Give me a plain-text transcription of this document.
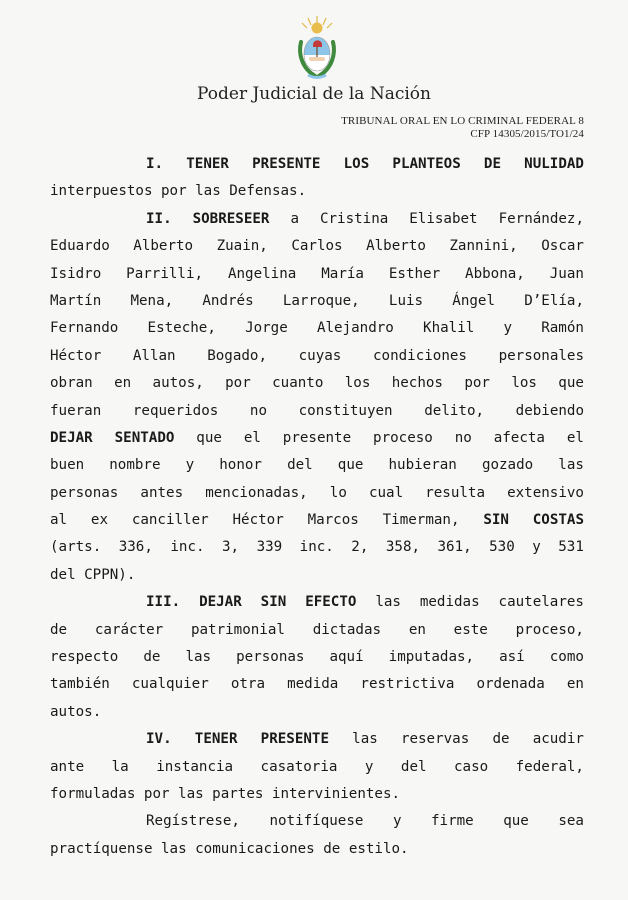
Poder Judicial de la Nación
TRIBUNAL ORAL EN LO CRIMINAL FEDERAL 8
CFP 14305/2015/TO1/24
I. TENER PRESENTE LOS PLANTEOS DE NULIDAD
interpuestos por las Defensas.
II. SOBRESEER a Cristina Elisabet Fernández,
Eduardo Alberto Zuain, Carlos Alberto Zannini, Oscar
Isidro Parrilli, Angelina María Esther Abbona, Juan
Martín Mena, Andrés Larroque, Luis Ángel D’Elía,
Fernando Esteche, Jorge Alejandro Khalil y Ramón
Héctor Allan Bogado, cuyas condiciones personales
obran en autos, por cuanto los hechos por los que
fueran requeridos no constituyen delito, debiendo
DEJAR SENTADO que el presente proceso no afecta el
buen nombre y honor del que hubieran gozado las
personas antes mencionadas, lo cual resulta extensivo
al ex canciller Héctor Marcos Timerman, SIN COSTAS
(arts. 336, inc. 3, 339 inc. 2, 358, 361, 530 y 531
del CPPN).
III. DEJAR SIN EFECTO las medidas cautelares
de carácter patrimonial dictadas en este proceso,
respecto de las personas aquí imputadas, así como
también cualquier otra medida restrictiva ordenada en
autos.
IV. TENER PRESENTE las reservas de acudir
ante la instancia casatoria y del caso federal,
formuladas por las partes intervinientes.
Regístrese, notifíquese y firme que sea
practíquense las comunicaciones de estilo.
